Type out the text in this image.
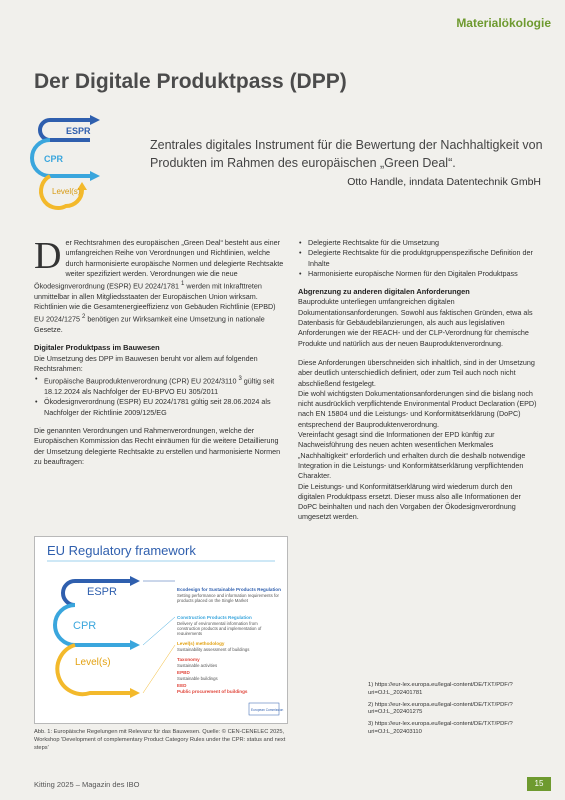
Materialökologie
Der Digitale Produktpass (DPP)
ESPR
CPR
Level(s)
Zentrales digitales Instrument für die Bewertung der Nachhaltigkeit von Produkten im Rahmen des europäischen „Green Deal“.
Otto Handle, inndata Datentechnik GmbH

Der Rechtsrahmen des europäischen „Green Deal“ besteht aus einer umfangreichen Reihe von Verordnungen und Richtlinien, welche durch harmonisierte europäische Normen und delegierte Rechtsakte weiter spezifiziert werden. Verordnungen wie die neue Ökodesignverordnung (ESPR) EU 2024/1781 $^1$ werden mit Inkrafttreten unmittelbar in allen Mitgliedsstaaten der Europäischen Union wirksam. Richtlinien wie die Gesamtenergieeffizienz von Gebäuden Richtlinie (EPBD) EU 2024/1275 $^2$ benötigen zur Wirksamkeit eine Umsetzung in nationale Gesetze.

Digitaler Produktpass im Bauwesen

Die Umsetzung des DPP im Bauwesen beruht vor allem auf folgenden Rechtsrahmen:

• Europäische Bauproduktenverordnung (CPR) EU 2024/3110 $^3$ gültig seit 18.12.2024 als Nachfolger der EU-BPVO EU 305/2011
• Ökodesignverordnung (ESPR) EU 2024/1781 gültig seit 28.06.2024 als Nachfolger der Richtlinie 2009/125/EG

Die genannten Verordnungen und Rahmenverordnungen, welche der Europäischen Kommission das Recht einräumen für die weitere Detaillierung der Umsetzung delegierte Rechtsakte zu erstellen und harmonisierte Normen zu beauftragen:

EU Regulatory framework
ESPR
CPR
Level(s)
Ecodesign for Sustainable Products Regulation
Setting performance and information requirements for products placed on the Single Market
Construction Products Regulation
Delivery of environmental information from construction products and implementation of requirements
Level(s) methodology
Sustainability assessment of buildings
Taxonomy
Sustainable activities
EPBD
Sustainable buildings
EED
Public procurement of buildings
European Commission
Abb. 1: Europäische Regelungen mit Relevanz für das Bauwesen. Quelle: © CEN-CENELEC 2025, Workshop 'Development of complementary Product Category Rules under the CPR: status and next steps'
• Delegierte Rechtsakte für die Umsetzung
• Delegierte Rechtsakte für die produktgruppenspezifische Definition der Inhalte
• Harmonisierte europäische Normen für den Digitalen Produktpass
Abgrenzung zu anderen digitalen Anforderungen

Bauprodukte unterliegen umfangreichen digitalen Dokumentationsanforderungen. Sowohl aus faktischen Gründen, etwa als Datenbasis für Gebäudebilanzierungen, als auch aus legislativen Anforderungen wie der REACH- und der CLP-Verordnung für chemische Produkte und natürlich aus der neuen Bauproduktenverordnung.

Diese Anforderungen überschneiden sich inhaltlich, sind in der Umsetzung aber deutlich unterschiedlich definiert, oder zum Teil auch noch nicht abschließend festgelegt.

Die wohl wichtigsten Dokumentationsanforderungen sind die bislang noch nicht ausdrücklich verpflichtende Environmental Product Declaration (EPD) nach EN 15804 und die Leistungs- und Konformitätserklärung (DoPC) entsprechend der Bauproduktenverordnung.

Vereinfacht gesagt sind die Informationen der EPD künftig zur Nachweisführung des neuen achten wesentlichen Merkmales „Nachhaltigkeit“ erforderlich und erhalten durch die deshalb notwendige Integration in die Leistungs- und Konformitätserklärung verpflichtenden Charakter.

Die Leistungs- und Konformitätserklärung wird wiederum durch den digitalen Produktpass ersetzt. Dieser muss also alle Informationen der DoPC beinhalten und nach den Vorgaben der Ökodesignverordnung umgesetzt werden.

1) https://eur-lex.europa.eu/legal-content/DE/TXT/PDF/?uri=OJ:L_202401781

2) https://eur-lex.europa.eu/legal-content/DE/TXT/PDF/?uri=OJ:L_202401275

3) https://eur-lex.europa.eu/legal-content/DE/TXT/PDF/?uri=OJ:L_202403110

Kitting 2025 – Magazin des IBO	15
